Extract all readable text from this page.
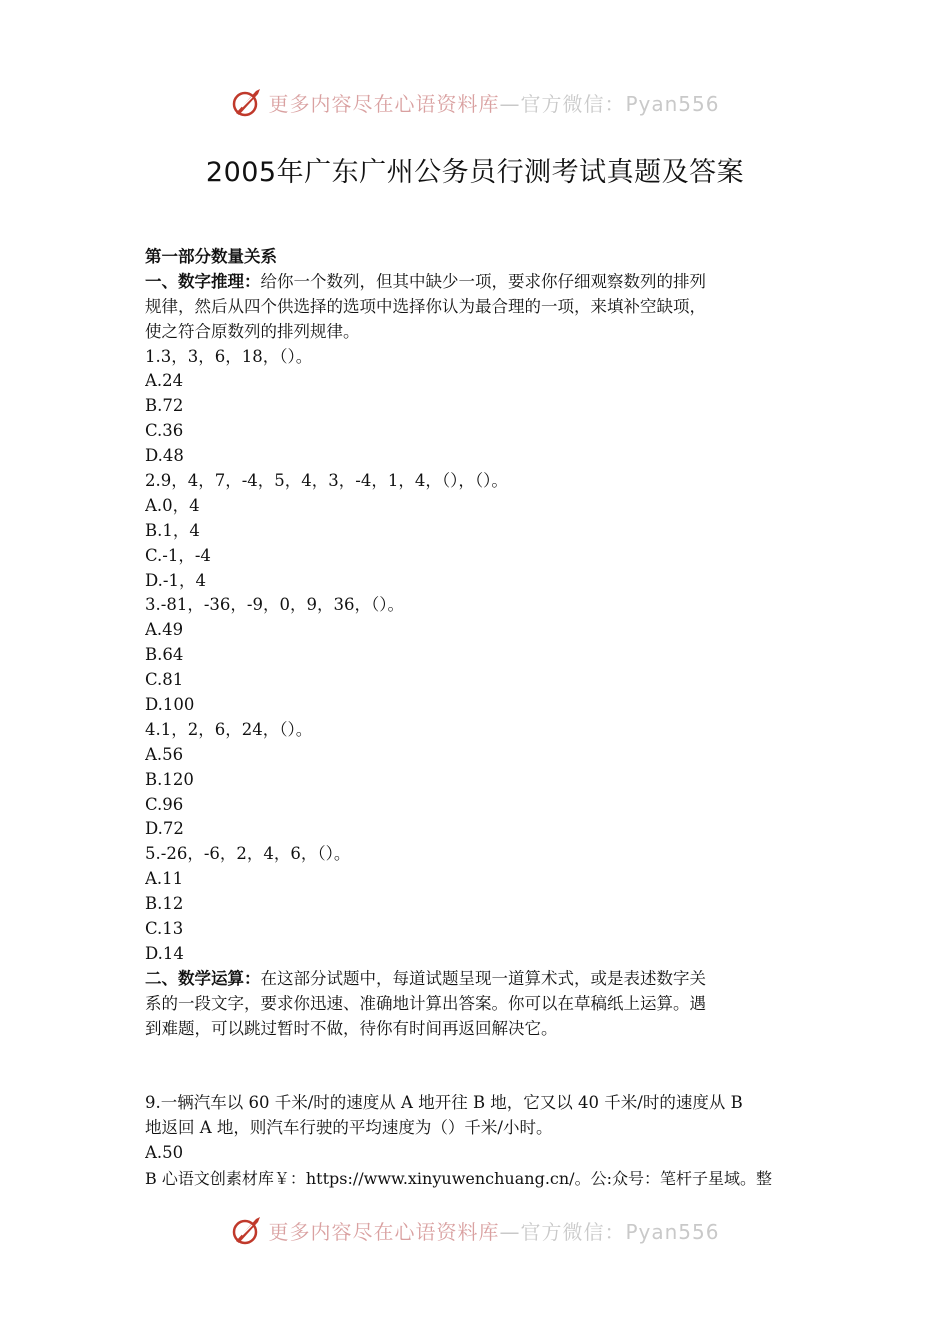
更多内容尽在心语资料库—官方微信：Pyan556
2005年广东广州公务员行测考试真题及答案
第一部分数量关系
一、数字推理：给你一个数列，但其中缺少一项，要求你仔细观察数列的排列
规律，然后从四个供选择的选项中选择你认为最合理的一项，来填补空缺项，
使之符合原数列的排列规律。
1.3，3，6，18，（）。
A.24
B.72
C.36
D.48
2.9，4，7，-4，5，4，3，-4，1，4，（），（）。
A.0，4
B.1，4
C.-1，-4
D.-1，4
3.-81，-36，-9，0，9，36，（）。
A.49
B.64
C.81
D.100
4.1，2，6，24，（）。
A.56
B.120
C.96
D.72
5.-26，-6，2，4，6，（）。
A.11
B.12
C.13
D.14
二、数学运算：在这部分试题中，每道试题呈现一道算术式，或是表述数字关
系的一段文字，要求你迅速、准确地计算出答案。你可以在草稿纸上运算。遇
到难题，可以跳过暂时不做，待你有时间再返回解决它。
9.一辆汽车以 60 千米/时的速度从 A 地开往 B 地，它又以 40 千米/时的速度从 B
地返回 A 地，则汽车行驶的平均速度为（）千米/小时。
A.50
B 心语文创素材库￥：https://www.xinyuwenchuang.cn/。公:众号：笔杆子星域。整
更多内容尽在心语资料库—官方微信：Pyan556
